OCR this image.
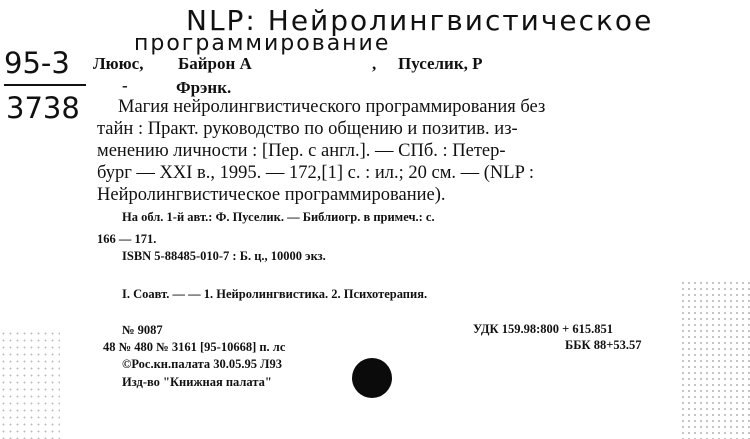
NLP: Нейролингвистическое
программирование
95-3
3738
Лююс, Байрон А	, Пуселик, Р
-	Фрэнк.
Магия нейролингвистического программирования без
тайн : Практ. руководство по общению и позитив. из-
менению личности : [Пер. с англ.]. — СПб. : Петер-
бург — XXI в., 1995. — 172,[1] с. : ил.; 20 см. — (NLP :
Нейролингвистическое программирование).
На обл. 1-й авт.: Ф. Пуселик. — Библиогр. в примеч.: с.
166 — 171.
ISBN 5-88485-010-7 : Б. ц., 10000 экз.
I. Соавт. — — 1. Нейролингвистика. 2. Психотерапия.
№ 9087	УДК 159.98:800 + 615.851
48 № 480 № 3161 [95-10668] п. лс	ББК 88+53.57
©Рос.кн.палата 30.05.95 Л93
Изд-во "Книжная палата"
